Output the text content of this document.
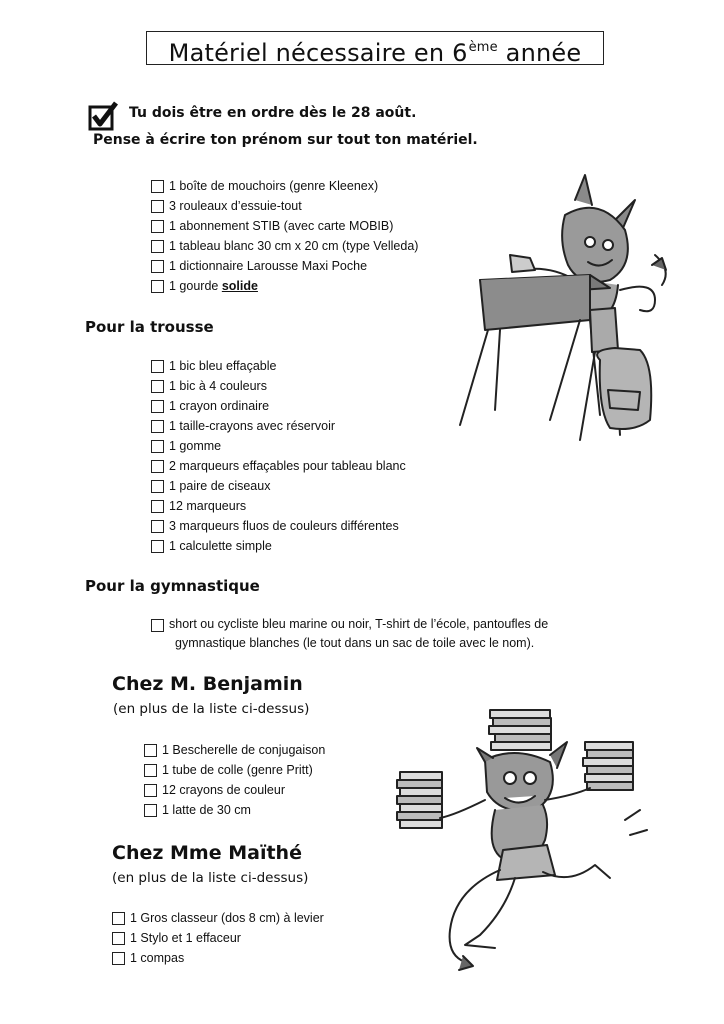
Matériel nécessaire en 6ème année
Tu dois être en ordre dès le 28 août.
Pense à écrire ton prénom sur tout ton matériel.
1 boîte de mouchoirs (genre Kleenex)
3 rouleaux d’essuie-tout
1 abonnement STIB (avec carte MOBIB)
1 tableau blanc 30 cm x 20 cm (type Velleda)
1 dictionnaire Larousse Maxi Poche
1 gourde solide
Pour la trousse
1 bic bleu effaçable
1 bic à 4 couleurs
1 crayon ordinaire
1 taille-crayons avec réservoir
1 gomme
2 marqueurs effaçables pour tableau blanc
1 paire de ciseaux
12 marqueurs
3 marqueurs fluos de couleurs différentes
1 calculette simple
Pour la gymnastique
short ou cycliste bleu marine ou noir, T-shirt de l’école, pantoufles de
gymnastique blanches (le tout dans un sac de toile avec le nom).
Chez M. Benjamin
(en plus de la liste ci-dessus)
1 Bescherelle de conjugaison
1 tube de colle (genre Pritt)
12 crayons de couleur
1 latte de 30 cm
Chez Mme Maïthé
(en plus de la liste ci-dessus)
1 Gros classeur (dos 8 cm) à levier
1 Stylo et 1 effaceur
1 compas
